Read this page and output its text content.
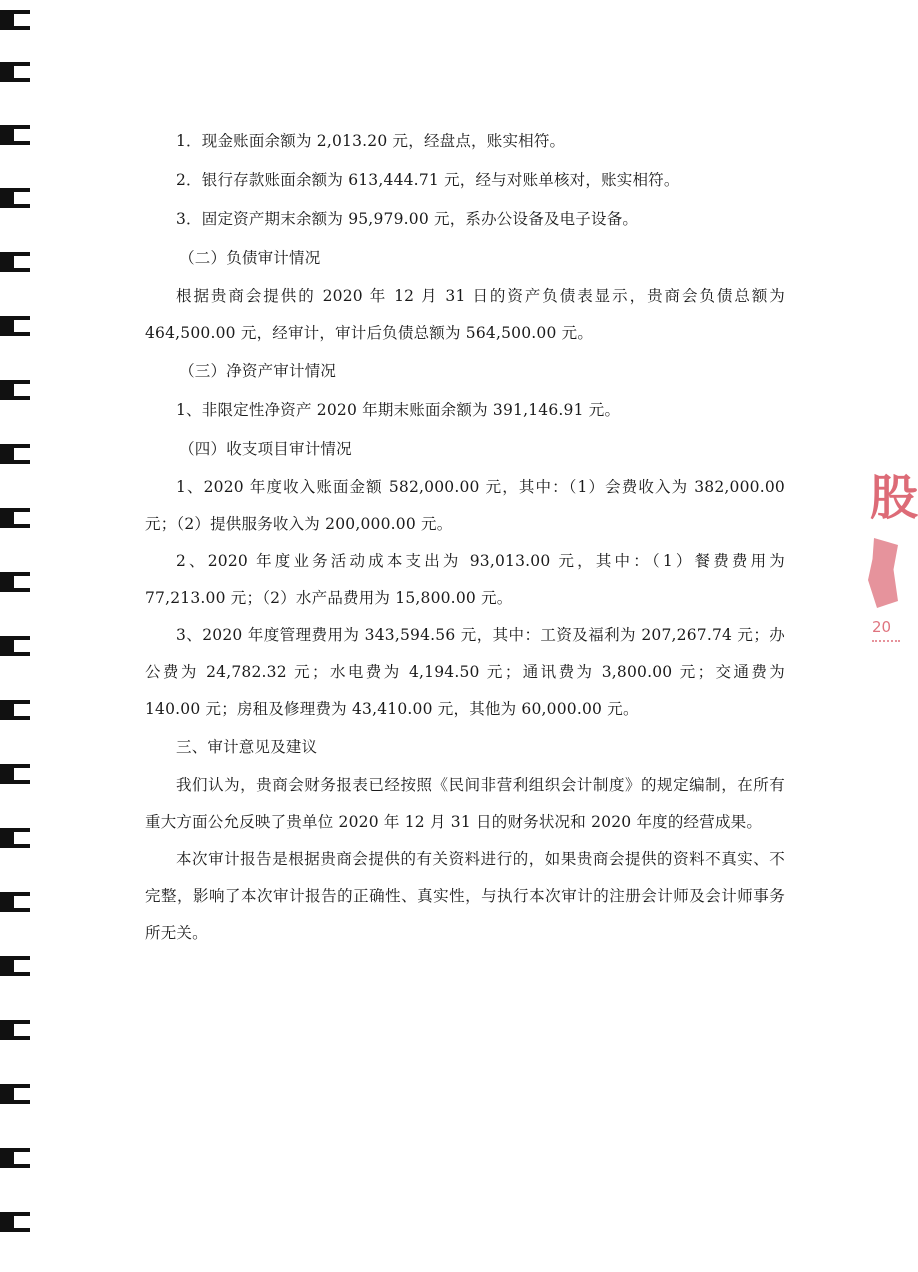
1．现金账面余额为 2,013.20 元，经盘点，账实相符。

2．银行存款账面余额为 613,444.71 元，经与对账单核对，账实相符。

3．固定资产期末余额为 95,979.00 元，系办公设备及电子设备。

（二）负债审计情况

根据贵商会提供的 2020 年 12 月 31 日的资产负债表显示，贵商会负债总额为 464,500.00 元，经审计，审计后负债总额为 564,500.00 元。

（三）净资产审计情况

1、非限定性净资产 2020 年期末账面余额为 391,146.91 元。

（四）收支项目审计情况

1、2020 年度收入账面金额 582,000.00 元，其中：（1）会费收入为 382,000.00 元；（2）提供服务收入为 200,000.00 元。

2、2020 年度业务活动成本支出为 93,013.00 元，其中：（1）餐费费用为 77,213.00 元；（2）水产品费用为 15,800.00 元。

3、2020 年度管理费用为 343,594.56 元，其中：工资及福利为 207,267.74 元；办公费为 24,782.32 元；水电费为 4,194.50 元；通讯费为 3,800.00 元；交通费为 140.00 元；房租及修理费为 43,410.00 元，其他为 60,000.00 元。

三、审计意见及建议

我们认为，贵商会财务报表已经按照《民间非营利组织会计制度》的规定编制，在所有重大方面公允反映了贵单位 2020 年 12 月 31 日的财务状况和 2020 年度的经营成果。

本次审计报告是根据贵商会提供的有关资料进行的，如果贵商会提供的资料不真实、不完整，影响了本次审计报告的正确性、真实性，与执行本次审计的注册会计师及会计师事务所无关。

股
20
